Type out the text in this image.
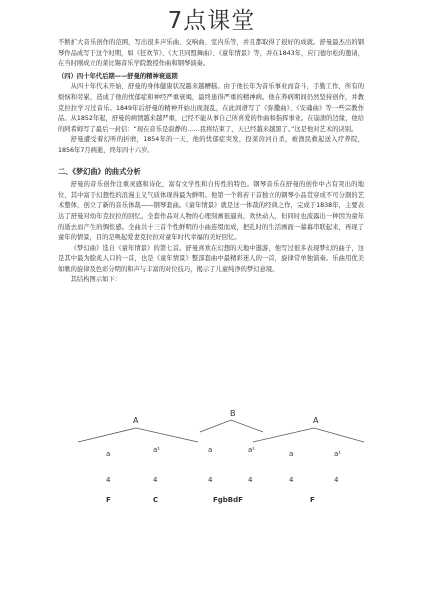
7点课堂

不断扩大音乐创作的范围，写出很多声乐曲、交响曲、室内乐等，并且都取得了很好的成就。舒曼最杰出的钢琴作品成写于这个时期，如《狂欢节》、《大卫同盟舞曲》、《童年情景》等，并在1843年，应门德尔松的邀请，在当时刚成立的莱比锡音乐学院教授作曲和钢琴演奏。

（四）四十年代后期——舒曼的精神衰退期

从四十年代末开始，舒曼的身体健康状况越来越糟糕。由于他长年为音乐事业而奋斗，手勤工作，所有的烦恼和劳累，造成了他的忧郁症和神经严重衰竭，最终患得严重的精神病。他在养病期间仍然坚持创作，并教克拉拉学习过音乐。1849年后舒曼的精神开始出现混乱，在此间谱写了《弥撒曲》、《安魂曲》等一些宗教作品。从1852年起，舒曼的病情越来越严重，已经不能从事自己所喜爱的作曲和指挥事业。在崩溃的边缘，他给的阿希姆写了最后一封信：“现在音乐是寂静的……我将结束了，天已经越来越黑了。”这是他对艺术的诀别。

舒曼遭受着幻听的折磨，1854年的一天，他的忧郁症突发，投莱茵河自杀，被渔民救起送入疗养院，1856年7月病逝，终年四十六岁。

二、《梦幻曲》的曲式分析

舒曼的音乐创作注重灵感和诗化，富有文学性和自传性的特色。钢琴音乐在舒曼的创作中占有突出的地位，其中富于幻想性的浪漫主义气质体现得最为鲜明。他第一个将若干首独立的钢琴小品贯穿成不可分割的艺术整体，创立了新的音乐体裁——钢琴套曲。《童年情景》就是这一体裁的经典之作，完成于1838年，主要表达了舒曼对幼年克拉拉的回忆。全套作品对人物的心理刻画很逼真，欢快动人，但同时也流露出一种因为童年的逝去而产生的惆怅感。全曲共十三首个性鲜明的小曲连缀而成，把孔时的生活画面一幕幕串联起来，再现了童年的情景，目的是唤起爱妻克拉拉对童年时代幸福的美好回忆。

《梦幻曲》选自《童年情景》的第七首。舒曼喜欢在幻想的天地中遨游，他写过很多表现梦幻的曲子，这是其中最为脍炙人口的一首，也是《童年情景》整部套曲中最精彩迷人的一首，旋律常单独演奏。乐曲用优美如歌的旋律及色彩分明的和声与丰富的对位技巧，揭示了儿童纯净的梦幻意境。

其结构图示如下：

A
B
A
a	a¹	a	a¹	a	a¹
4	4	4	4	4	4
F	C	FgbBdF	F
